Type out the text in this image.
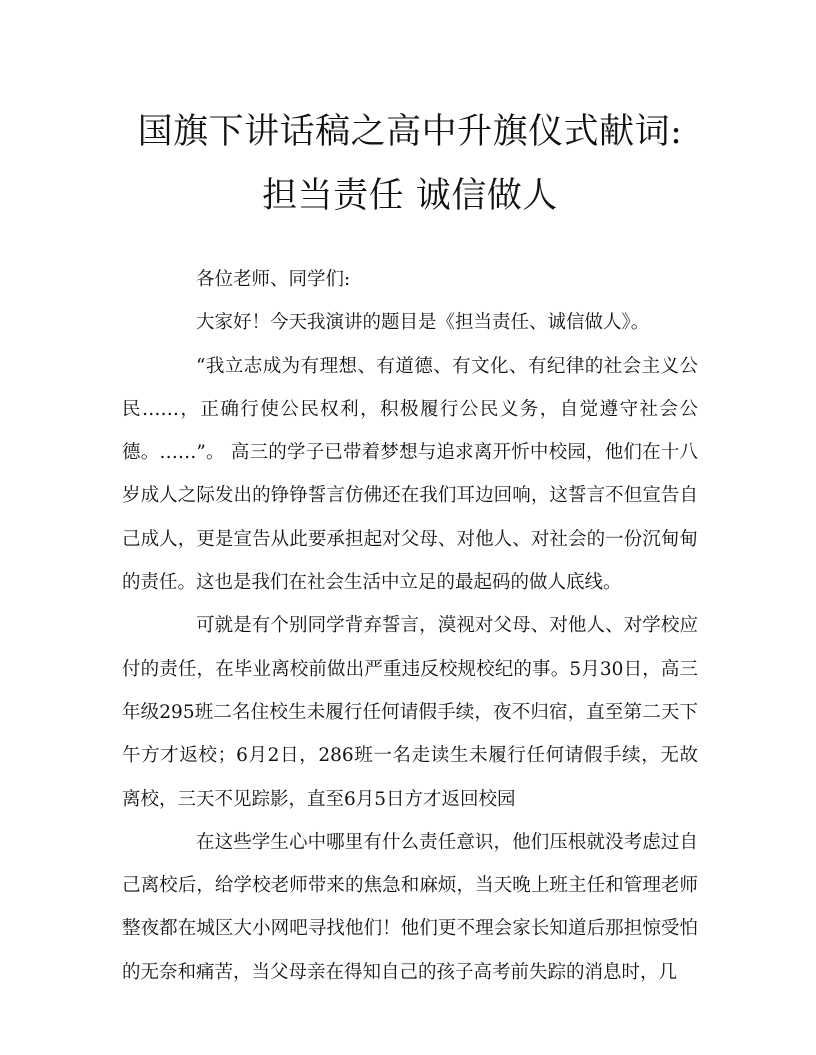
国旗下讲话稿之高中升旗仪式献词: 担当责任 诚信做人

各位老师、同学们:

大家好！今天我演讲的题目是《担当责任、诚信做人》。

“我立志成为有理想、有道德、有文化、有纪律的社会主义公民……，正确行使公民权利，积极履行公民义务，自觉遵守社会公德。……”。 高三的学子已带着梦想与追求离开忻中校园，他们在十八岁成人之际发出的铮铮誓言仿佛还在我们耳边回响，这誓言不但宣告自己成人，更是宣告从此要承担起对父母、对他人、对社会的一份沉甸甸的责任。这也是我们在社会生活中立足的最起码的做人底线。

可就是有个别同学背弃誓言，漠视对父母、对他人、对学校应付的责任，在毕业离校前做出严重违反校规校纪的事。5月30日，高三年级295班二名住校生未履行任何请假手续，夜不归宿，直至第二天下午方才返校；6月2日，286班一名走读生未履行任何请假手续，无故离校，三天不见踪影，直至6月5日方才返回校园

在这些学生心中哪里有什么责任意识，他们压根就没考虑过自己离校后，给学校老师带来的焦急和麻烦，当天晚上班主任和管理老师整夜都在城区大小网吧寻找他们！他们更不理会家长知道后那担惊受怕的无奈和痛苦，当父母亲在得知自己的孩子高考前失踪的消息时，几
